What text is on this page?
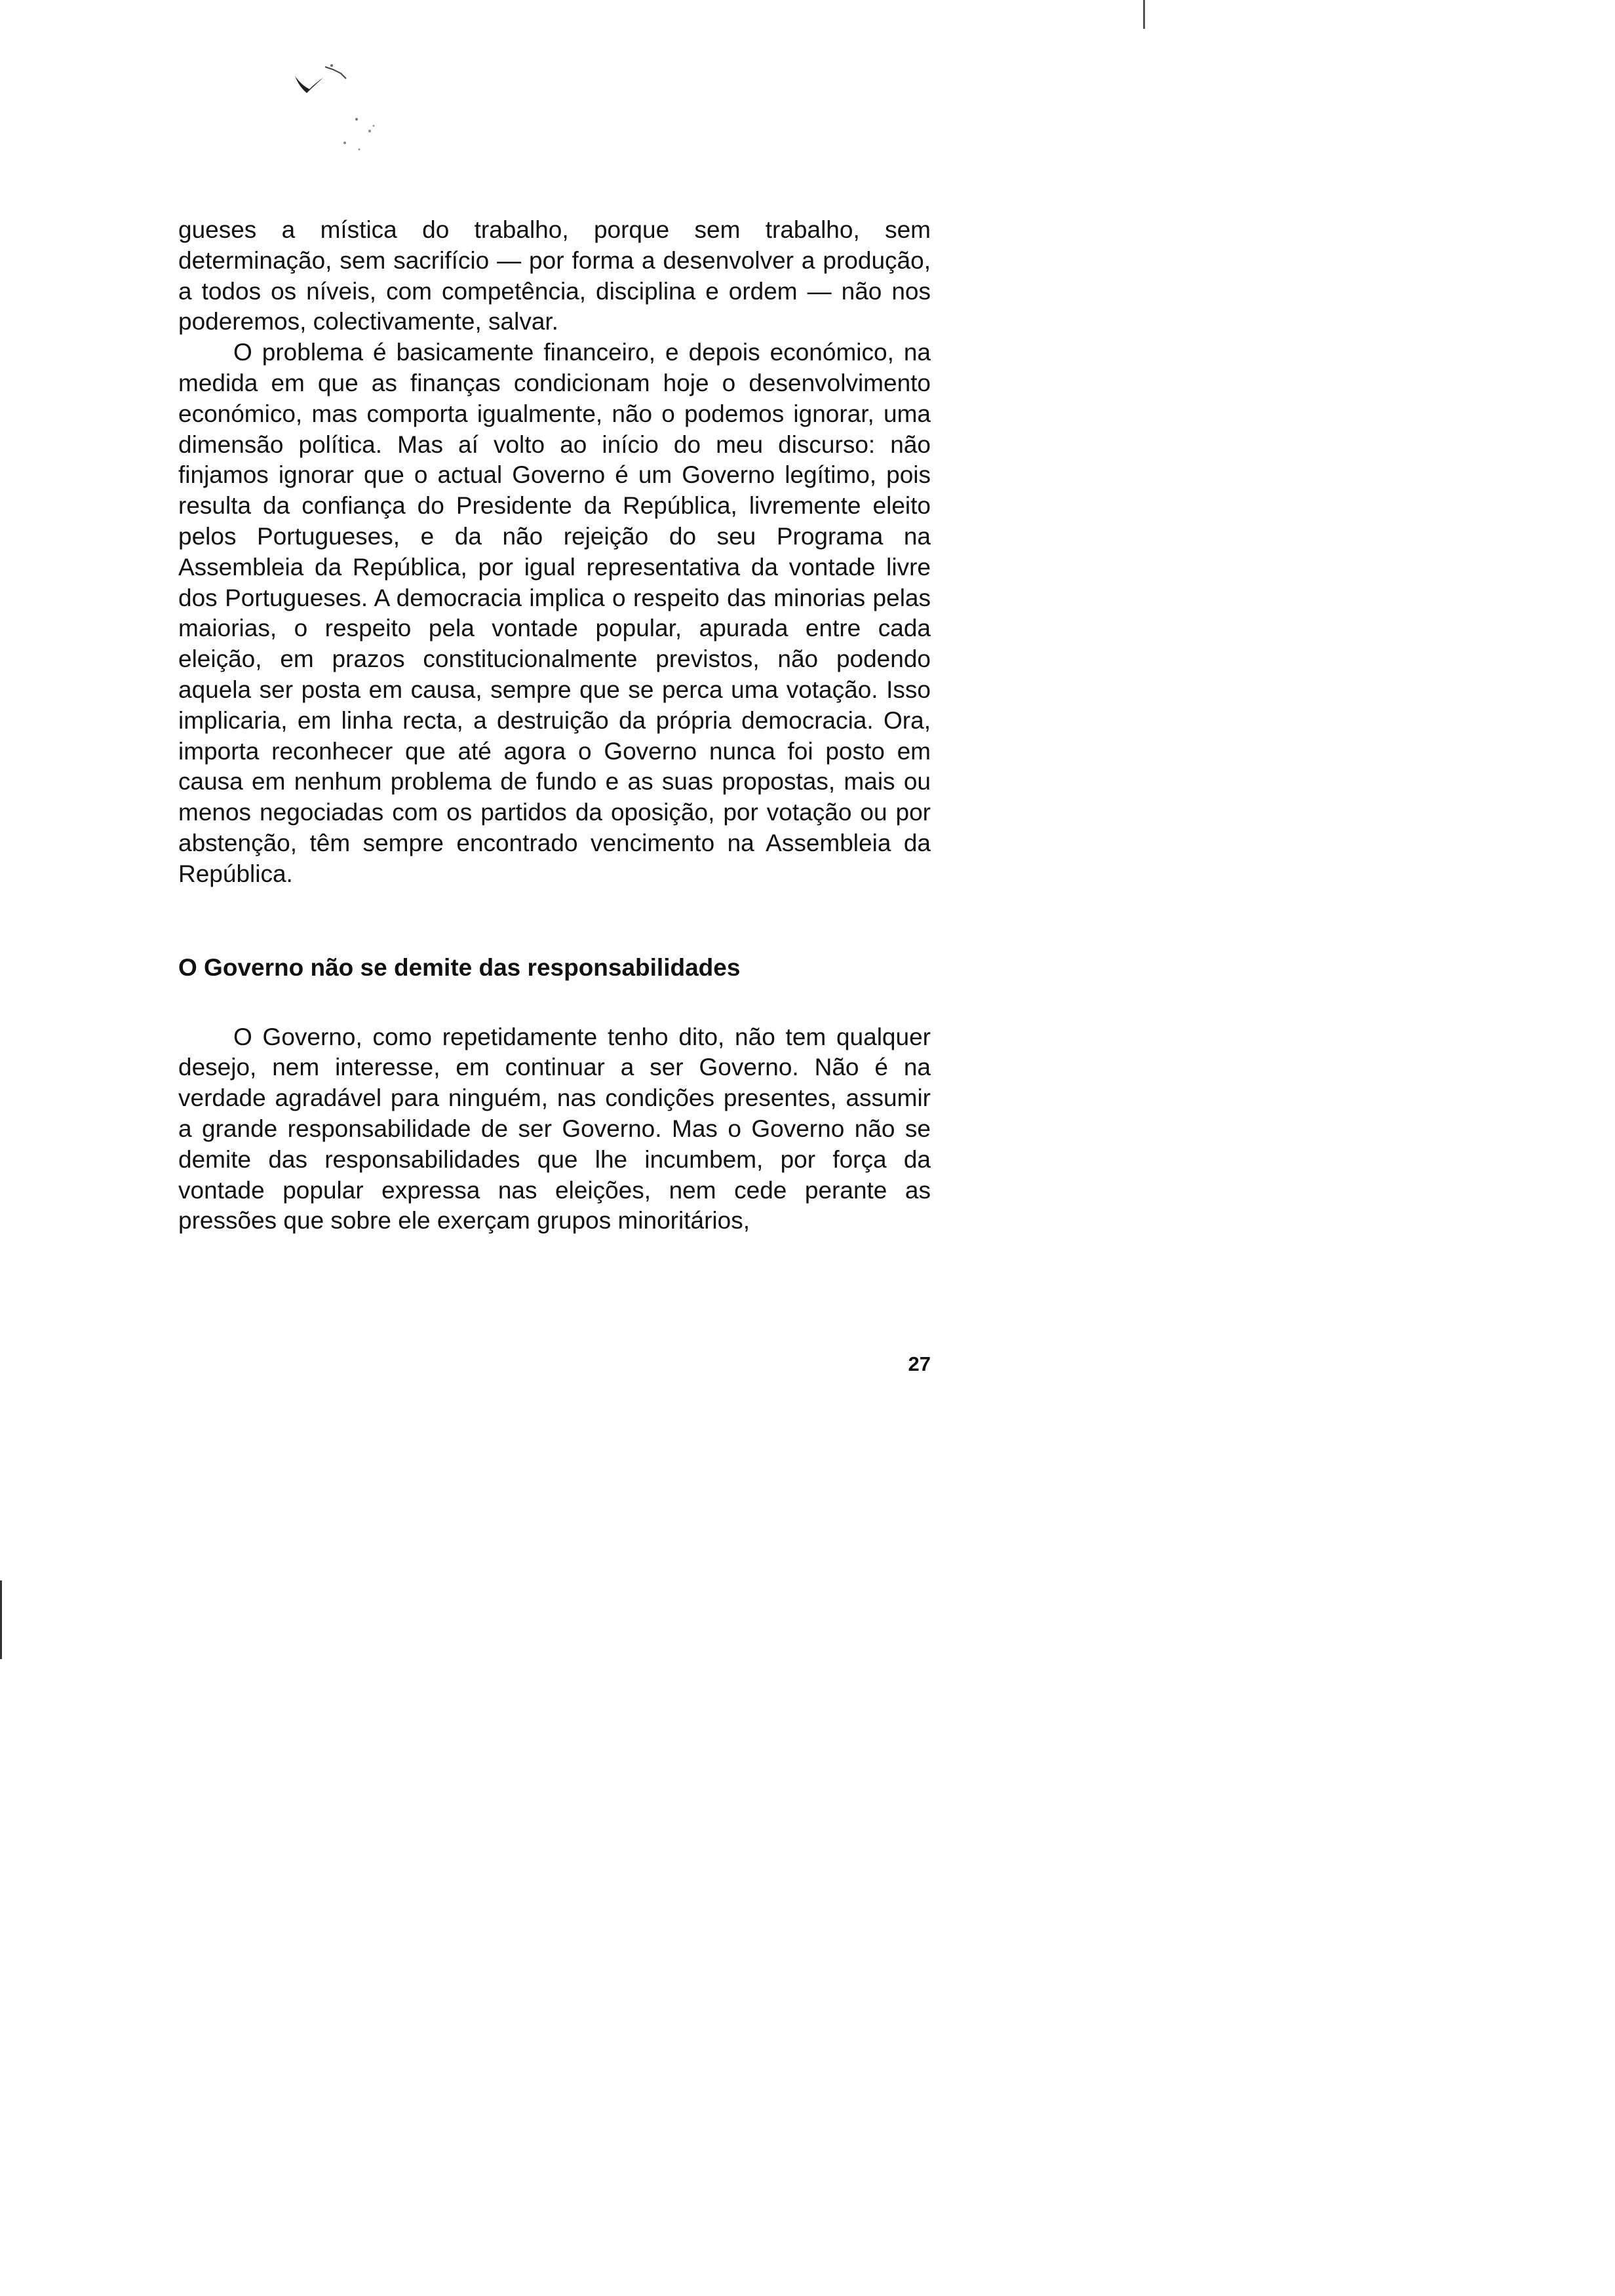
gueses a mística do trabalho, porque sem trabalho, sem determinação, sem sacrifício — por forma a desenvolver a produção, a todos os níveis, com competência, disciplina e ordem — não nos poderemos, colectivamente, salvar.

O problema é basicamente financeiro, e depois económico, na medida em que as finanças condicionam hoje o desenvolvimento económico, mas comporta igualmente, não o podemos ignorar, uma dimensão política. Mas aí volto ao início do meu discurso: não finjamos ignorar que o actual Governo é um Governo legítimo, pois resulta da confiança do Presidente da República, livremente eleito pelos Portugueses, e da não rejeição do seu Programa na Assembleia da República, por igual representativa da vontade livre dos Portugueses. A democracia implica o respeito das minorias pelas maiorias, o respeito pela vontade popular, apurada entre cada eleição, em prazos constitucionalmente previstos, não podendo aquela ser posta em causa, sempre que se perca uma votação. Isso implicaria, em linha recta, a destruição da própria democracia. Ora, importa reconhecer que até agora o Governo nunca foi posto em causa em nenhum problema de fundo e as suas propostas, mais ou menos negociadas com os partidos da oposição, por votação ou por abstenção, têm sempre encontrado vencimento na Assembleia da República.

O Governo não se demite das responsabilidades

O Governo, como repetidamente tenho dito, não tem qualquer desejo, nem interesse, em continuar a ser Governo. Não é na verdade agradável para ninguém, nas condições presentes, assumir a grande responsabilidade de ser Governo. Mas o Governo não se demite das responsabilidades que lhe incumbem, por força da vontade popular expressa nas eleições, nem cede perante as pressões que sobre ele exerçam grupos minoritários,

27
